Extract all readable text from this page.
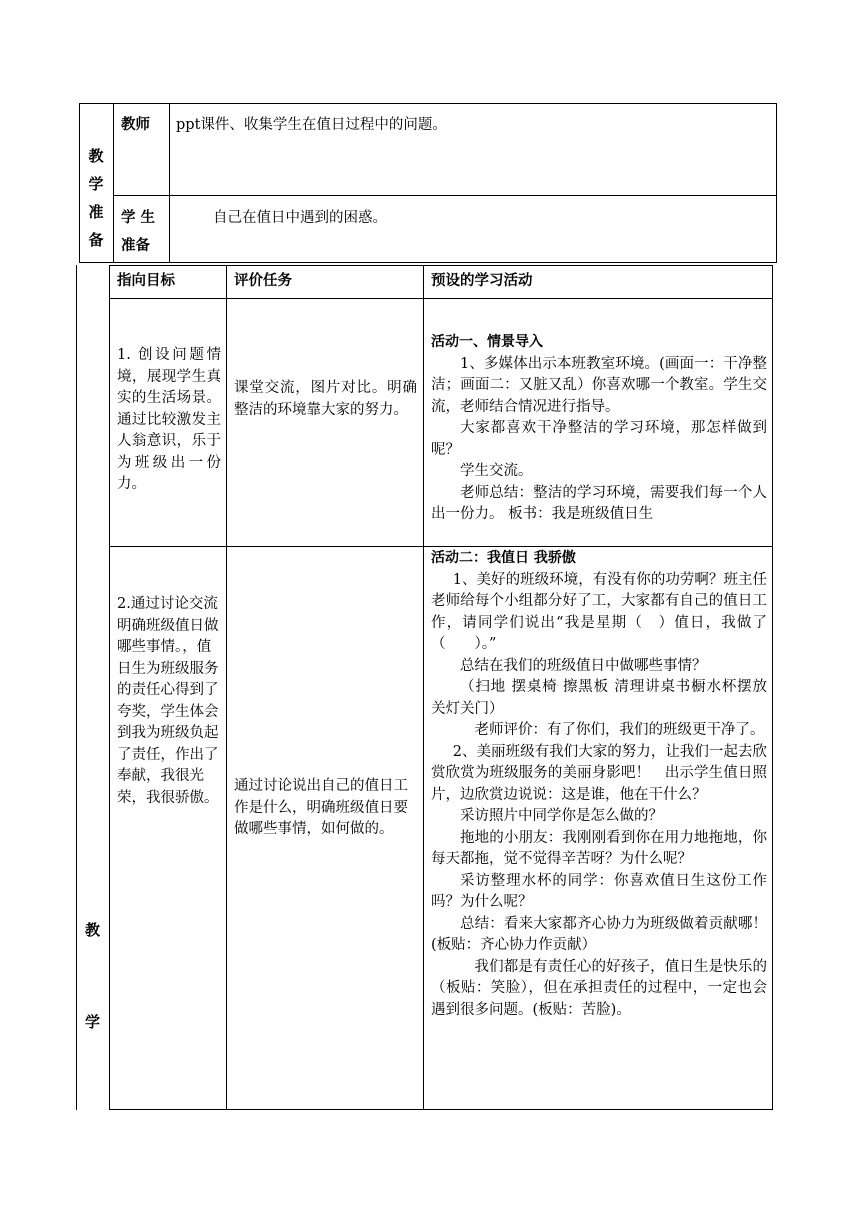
教
学
准
备
教师 ppt课件、收集学生在值日过程中的问题。
学 生
准备
自己在值日中遇到的困惑。
教
学
指向目标	评价任务	预设的学习活动
1. 创设问题情境，展现学生真实的生活场景。通过比较激发主人翁意识，乐于为班级出一份力。
课堂交流，图片对比。明确整洁的环境靠大家的努力。

活动一、情景导入

1、多媒体出示本班教室环境。(画面一：干净整洁；画面二：又脏又乱）你喜欢哪一个教室。学生交流，老师结合情况进行指导。

大家都喜欢干净整洁的学习环境，那怎样做到呢？

学生交流。

老师总结：整洁的学习环境，需要我们每一个人出一份力。 板书：我是班级值日生

2.通过讨论交流明确班级值日做哪些事情。，值日生为班级服务的责任心得到了夸奖，学生体会到我为班级负起了责任，作出了奉献，我很光荣，我很骄傲。
通过讨论说出自己的值日工作是什么，明确班级值日要做哪些事情，如何做的。

活动二：我值日 我骄傲

1、美好的班级环境，有没有你的功劳啊？班主任老师给每个小组都分好了工，大家都有自己的值日工作，请同学们说出“我是星期（　）值日，我做了（　　）。”

总结在我们的班级值日中做哪些事情？

（扫地 摆桌椅 擦黑板 清理讲桌书橱水杯摆放 关灯关门）

老师评价：有了你们，我们的班级更干净了。

2、美丽班级有我们大家的努力，让我们一起去欣赏欣赏为班级服务的美丽身影吧！　出示学生值日照片，边欣赏边说说：这是谁，他在干什么？

采访照片中同学你是怎么做的？

拖地的小朋友：我刚刚看到你在用力地拖地，你每天都拖，觉不觉得辛苦呀？为什么呢？

采访整理水杯的同学：你喜欢值日生这份工作吗？为什么呢？

总结：看来大家都齐心协力为班级做着贡献哪！(板贴：齐心协力作贡献）

我们都是有责任心的好孩子，值日生是快乐的（板贴：笑脸），但在承担责任的过程中，一定也会遇到很多问题。(板贴：苦脸)。
